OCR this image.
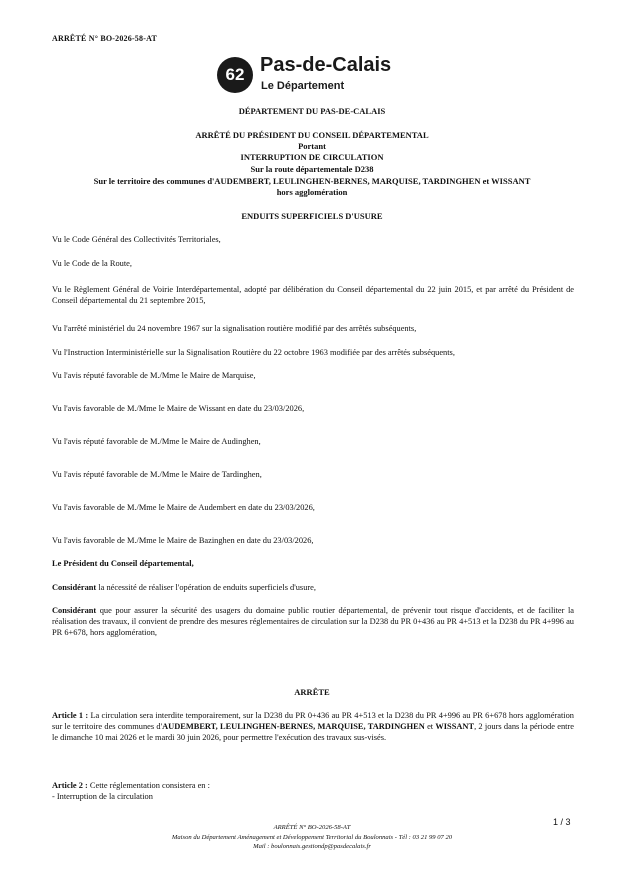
ARRÊTÉ N° BO-2026-58-AT
62 Pas-de-Calais
Le Département
DÉPARTEMENT DU PAS-DE-CALAIS
ARRÊTÉ DU PRÉSIDENT DU CONSEIL DÉPARTEMENTAL
Portant
INTERRUPTION DE CIRCULATION
Sur la route départementale D238
Sur le territoire des communes d'AUDEMBERT, LEULINGHEN-BERNES, MARQUISE, TARDINGHEN et WISSANT
hors agglomération
ENDUITS SUPERFICIELS D'USURE
Vu le Code Général des Collectivités Territoriales,
Vu le Code de la Route,
Vu le Règlement Général de Voirie Interdépartemental, adopté par délibération du Conseil départemental du 22 juin 2015, et par arrêté du Président de Conseil départemental du 21 septembre 2015,
Vu l'arrêté ministériel du 24 novembre 1967 sur la signalisation routière modifié par des arrêtés subséquents,
Vu l'Instruction Interministérielle sur la Signalisation Routière du 22 octobre 1963 modifiée par des arrêtés subséquents,
Vu l'avis réputé favorable de M./Mme le Maire de Marquise,
Vu l'avis favorable de M./Mme le Maire de Wissant en date du 23/03/2026,
Vu l'avis réputé favorable de M./Mme le Maire de Audinghen,
Vu l'avis réputé favorable de M./Mme le Maire de Tardinghen,
Vu l'avis favorable de M./Mme le Maire de Audembert en date du 23/03/2026,
Vu l'avis favorable de M./Mme le Maire de Bazinghen en date du 23/03/2026,
Le Président du Conseil départemental,
Considérant la nécessité de réaliser l'opération de enduits superficiels d'usure,
Considérant que pour assurer la sécurité des usagers du domaine public routier départemental, de prévenir tout risque d'accidents, et de faciliter la réalisation des travaux, il convient de prendre des mesures réglementaires de circulation sur la D238 du PR 0+436 au PR 4+513 et la D238 du PR 4+996 au PR 6+678, hors agglomération,
ARRÊTE
Article 1 : La circulation sera interdite temporairement, sur la D238 du PR 0+436 au PR 4+513 et la D238 du PR 4+996 au PR 6+678 hors agglomération sur le territoire des communes d'AUDEMBERT, LEULINGHEN-BERNES, MARQUISE, TARDINGHEN et WISSANT, 2 jours dans la période entre le dimanche 10 mai 2026 et le mardi 30 juin 2026, pour permettre l'exécution des travaux sus-visés.
Article 2 : Cette réglementation consistera en :
- Interruption de la circulation
ARRÊTÉ N° BO-2026-58-AT
Maison du Département Aménagement et Développement Territorial du Boulonnais - Tél : 03 21 99 07 20
Mail : boulonnais.gestiondp@pasdecalais.fr
1 / 3
